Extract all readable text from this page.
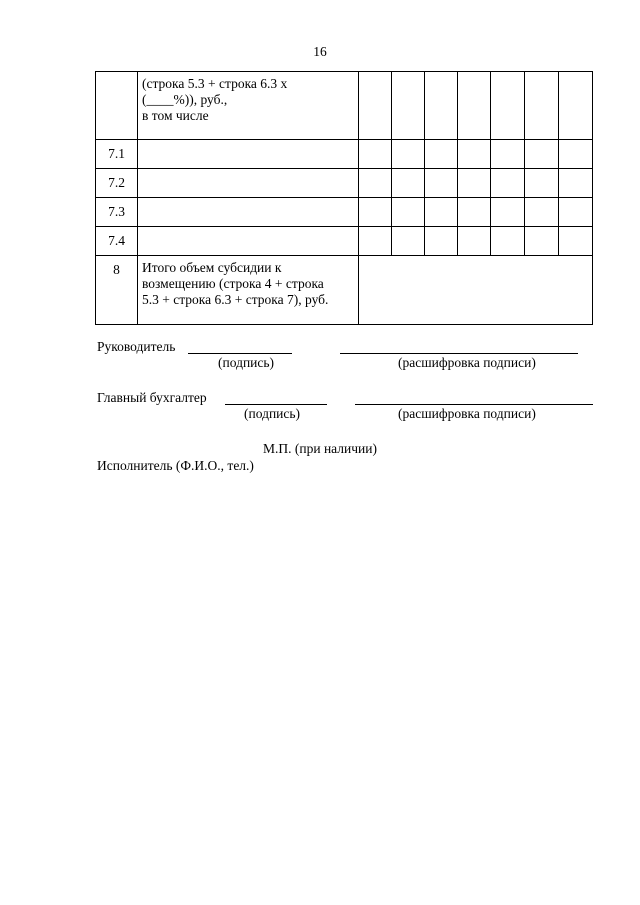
16

	(строка 5.3 + строка 6.3 х
(____%)), руб.,
в том числе							

7.1								
7.2								
7.3								
7.4								
8	Итого объем субсидии к
возмещению (строка 4 + строка
5.3 + строка 6.3 + строка 7), руб.							

Руководитель
(подпись)	(расшифровка подписи)
Главный бухгалтер
(подпись)	(расшифровка подписи)
М.П. (при наличии)
Исполнитель (Ф.И.О., тел.)
